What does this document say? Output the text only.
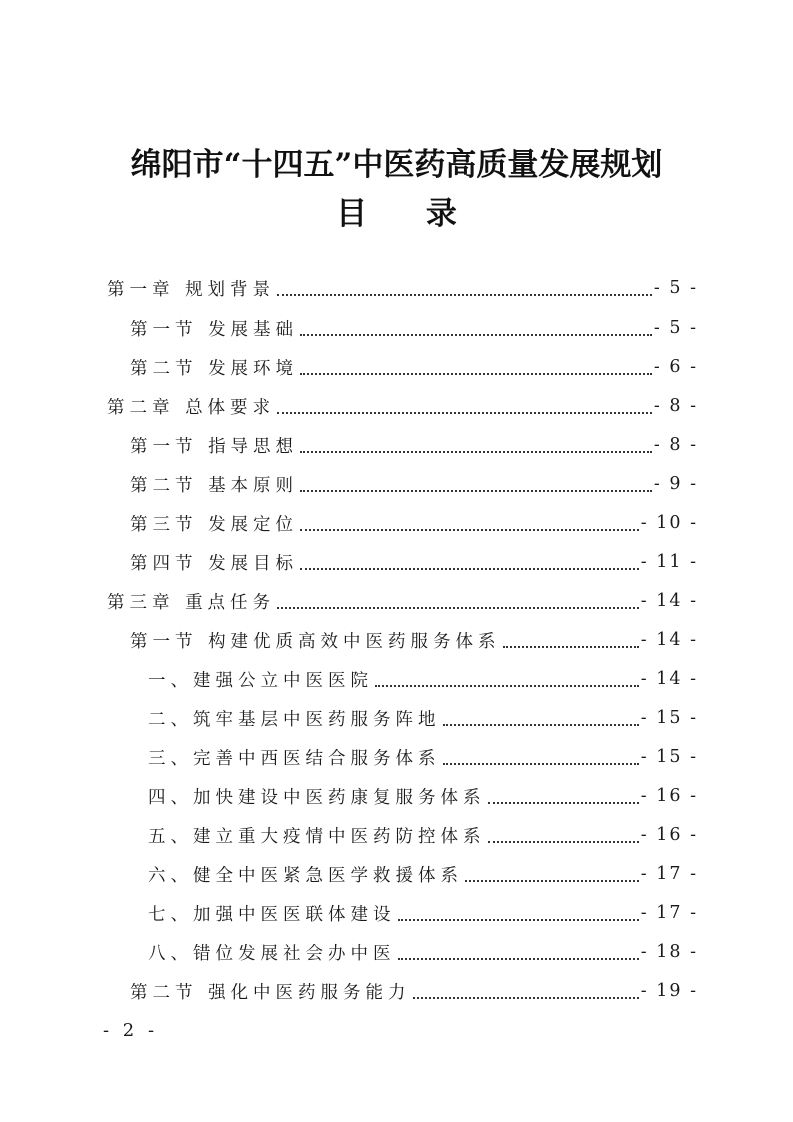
绵阳市“十四五”中医药高质量发展规划
目 录
第一章 规划背景	- 5 -
第一节 发展基础	- 5 -
第二节 发展环境	- 6 -
第二章 总体要求	- 8 -
第一节 指导思想	- 8 -
第二节 基本原则	- 9 -
第三节 发展定位	- 10 -
第四节 发展目标	- 11 -
第三章 重点任务	- 14 -
第一节 构建优质高效中医药服务体系	- 14 -
一、建强公立中医医院	- 14 -
二、筑牢基层中医药服务阵地	- 15 -
三、完善中西医结合服务体系	- 15 -
四、加快建设中医药康复服务体系	- 16 -
五、建立重大疫情中医药防控体系	- 16 -
六、健全中医紧急医学救援体系	- 17 -
七、加强中医医联体建设	- 17 -
八、错位发展社会办中医	- 18 -
第二节 强化中医药服务能力	- 19 -
- 2 -
